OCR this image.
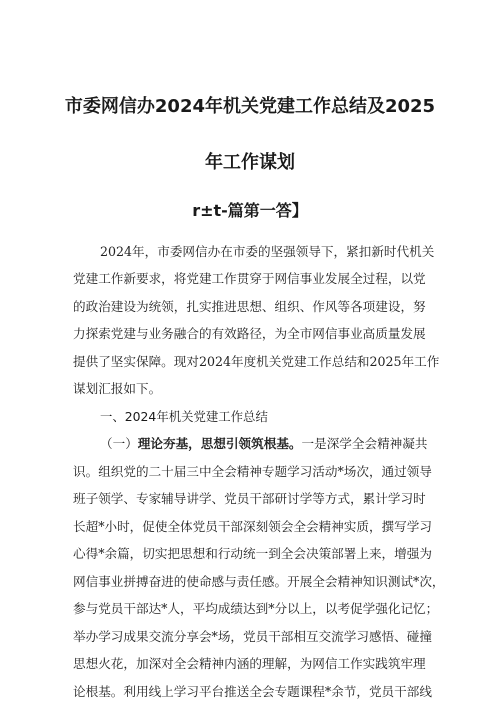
市委网信办2024年机关党建工作总结及2025
年工作谋划
r±t-篇第一答】
2024年，市委网信办在市委的坚强领导下，紧扣新时代机关
党建工作新要求，将党建工作贯穿于网信事业发展全过程，以党
的政治建设为统领，扎实推进思想、组织、作风等各项建设，努
力探索党建与业务融合的有效路径，为全市网信事业高质量发展
提供了坚实保障。现对2024年度机关党建工作总结和2025年工作
谋划汇报如下。
一、2024年机关党建工作总结
（一）理论夯基，思想引领筑根基。一是深学全会精神凝共
识。组织党的二十届三中全会精神专题学习活动*场次，通过领导
班子领学、专家辅导讲学、党员干部研讨学等方式，累计学习时
长超*小时，促使全体党员干部深刻领会全会精神实质，撰写学习
心得*余篇，切实把思想和行动统一到全会决策部署上来，增强为
网信事业拼搏奋进的使命感与责任感。开展全会精神知识测试*次，
参与党员干部达*人，平均成绩达到*分以上，以考促学强化记忆；
举办学习成果交流分享会*场，党员干部相互交流学习感悟、碰撞
思想火花，加深对全会精神内涵的理解，为网信工作实践筑牢理
论根基。利用线上学习平台推送全会专题课程*余节，党员干部线
